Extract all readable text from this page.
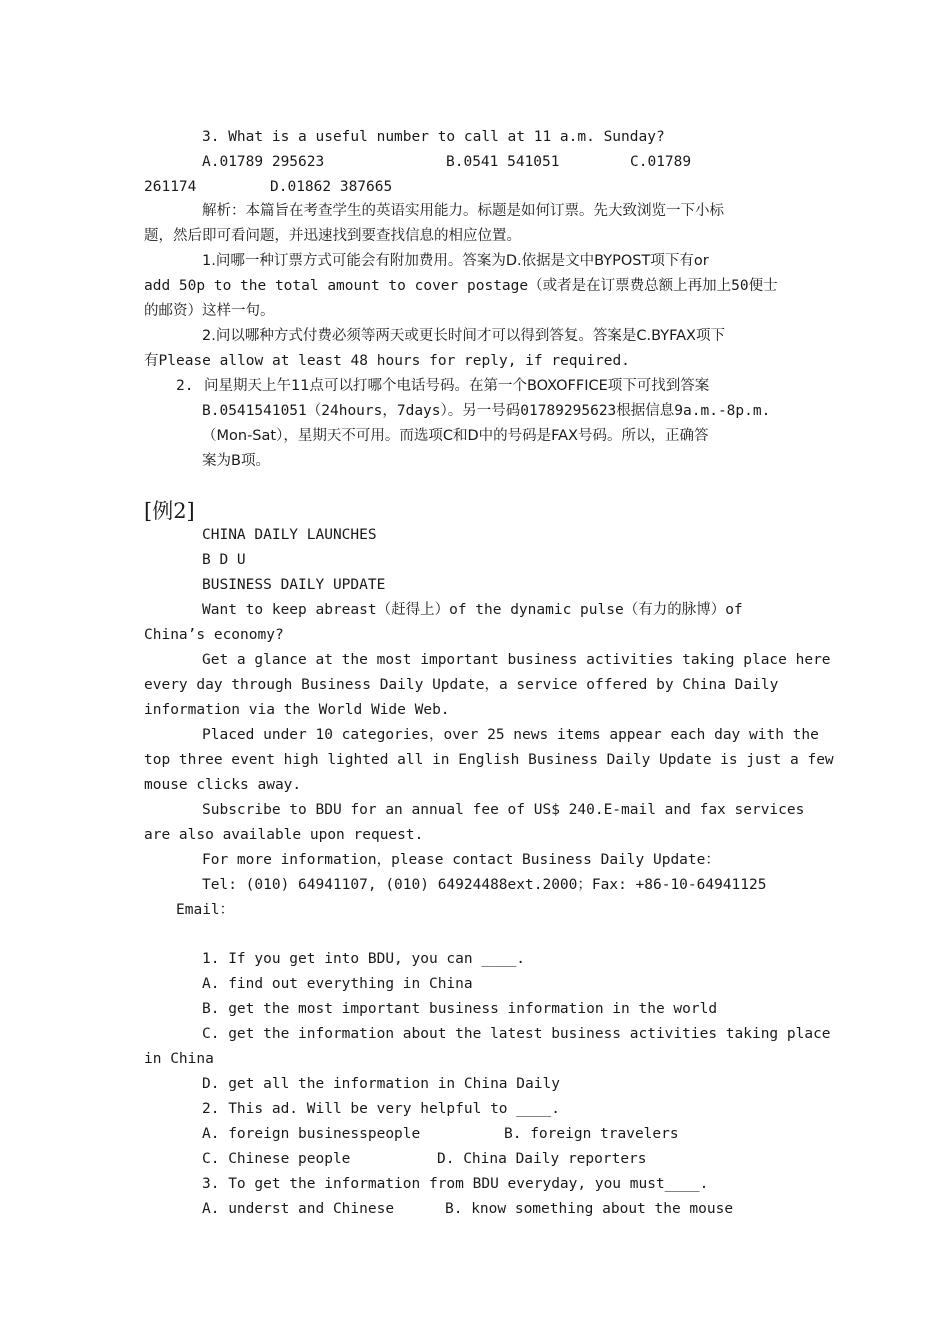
3. What is a useful number to call at 11 a.m. Sunday?
A.01789 295623	B.0541 541051	C.01789
261174	D.01862 387665
解析：本篇旨在考查学生的英语实用能力。标题是如何订票。先大致浏览一下小标
题，然后即可看问题，并迅速找到要查找信息的相应位置。
1.问哪一种订票方式可能会有附加费用。答案为D.依据是文中BYPOST项下有or
add 50p to the total amount to cover postage（或者是在订票费总额上再加上50便士
的邮资）这样一句。
2.问以哪种方式付费必须等两天或更长时间才可以得到答复。答案是C.BYFAX项下
有Please allow at least 48 hours for reply, if required.
2. 问星期天上午11点可以打哪个电话号码。在第一个BOXOFFICE项下可找到答案
B.0541541051（24hours，7days）。另一号码01789295623根据信息9a.m.-8p.m.
（Mon-Sat），星期天不可用。而选项C和D中的号码是FAX号码。所以，正确答
案为B项。
[例2]
CHINA DAILY LAUNCHES
B D U
BUSINESS DAILY UPDATE
Want to keep abreast（赶得上）of the dynamic pulse（有力的脉博）of
China’s economy?
Get a glance at the most important business activities taking place here
every day through Business Daily Update，a service offered by China Daily
information via the World Wide Web.
Placed under 10 categories，over 25 news items appear each day with the
top three event high lighted all in English Business Daily Update is just a few
mouse clicks away.
Subscribe to BDU for an annual fee of US$ 240.E-mail and fax services
are also available upon request.
For more information，please contact Business Daily Update：
Tel: (010) 64941107, (010) 64924488ext.2000；Fax: +86-10-64941125
Email：
1. If you get into BDU, you can ____.
A. find out everything in China
B. get the most important business information in the world
C. get the information about the latest business activities taking place
in China
D. get all the information in China Daily
2. This ad. Will be very helpful to ____.
A. foreign businesspeople	B. foreign travelers
C. Chinese people	D. China Daily reporters
3. To get the information from BDU everyday, you must____.
A. underst and Chinese	B. know something about the mouse
